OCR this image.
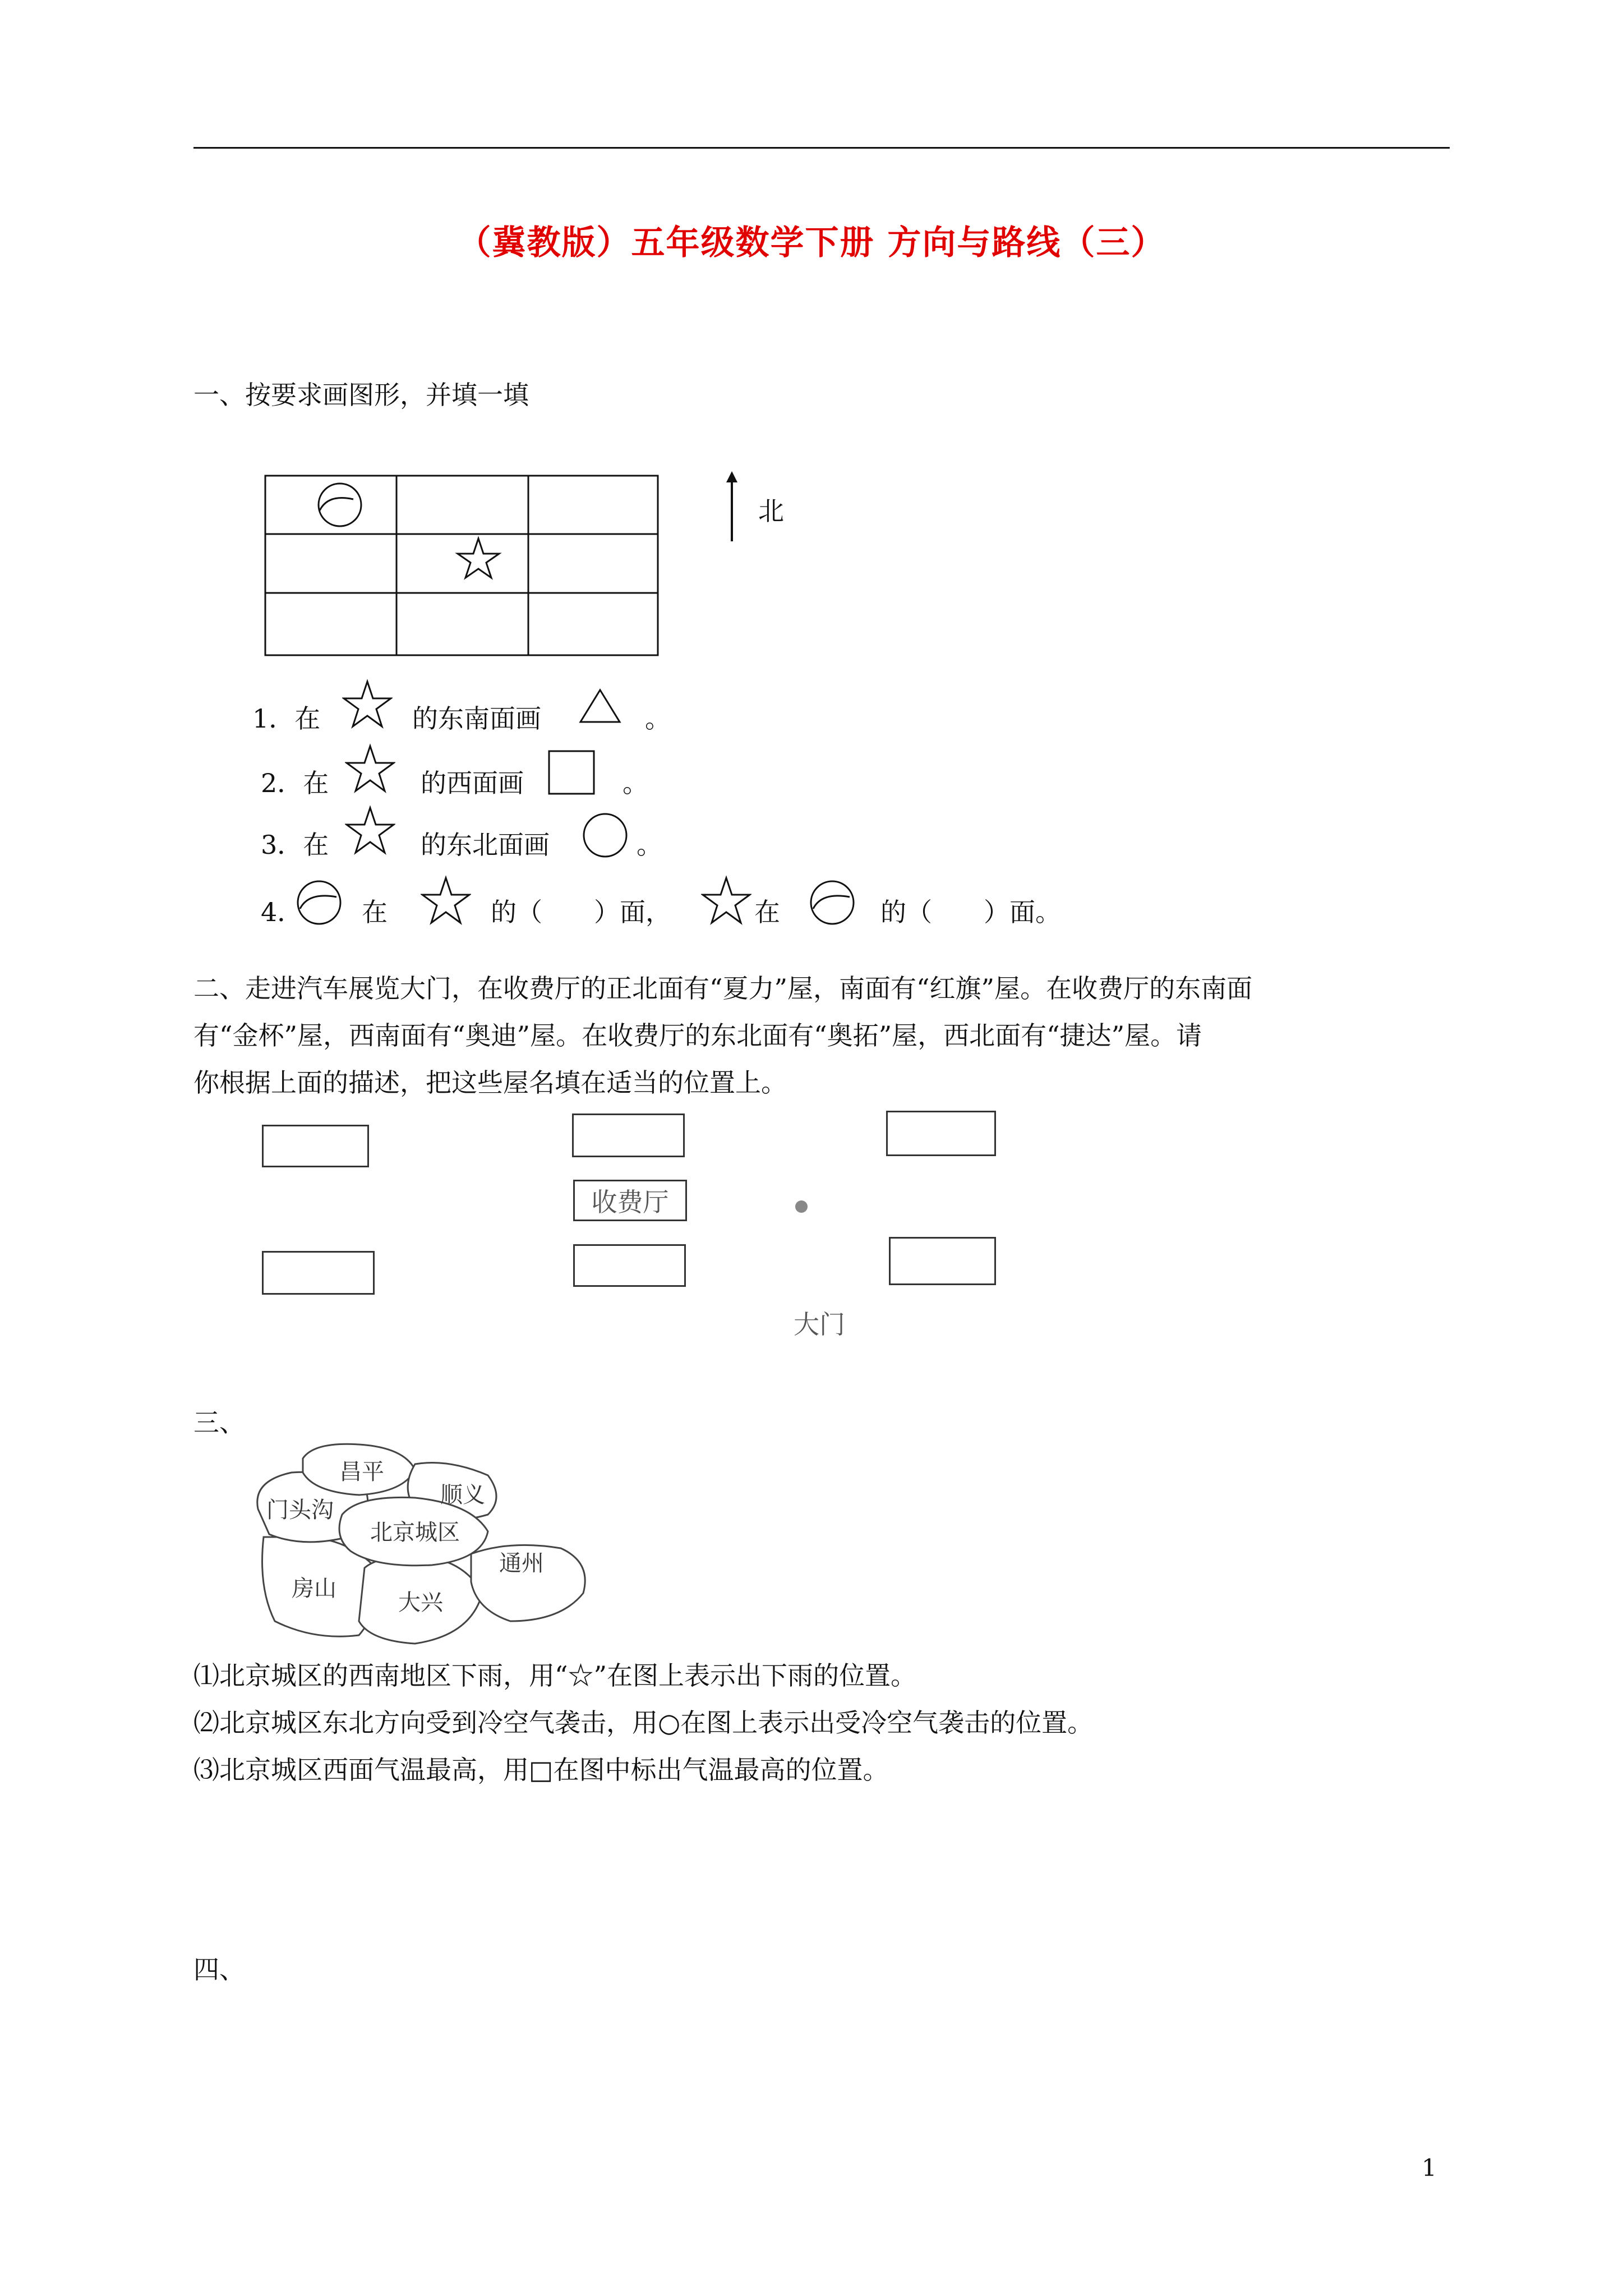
（冀教版）五年级数学下册 方向与路线（三）
一、按要求画图形，并填一填
北
1．在	的东南面画	。
2．在	的西面画	。
3．在	的东北面画	。
4． 在	的（　　）面，	在	的（　　）面。
二、走进汽车展览大门，在收费厅的正北面有“夏力”屋，南面有“红旗”屋。在收费厅的东南面
有“金杯”屋，西南面有“奥迪”屋。在收费厅的东北面有“奥拓”屋，西北面有“捷达”屋。请
你根据上面的描述，把这些屋名填在适当的位置上。
收费厅
大门
三、
昌平
顺义
门头沟
北京城区
通州
房山
大兴
⑴北京城区的西南地区下雨，用“☆”在图上表示出下雨的位置。
⑵北京城区东北方向受到冷空气袭击，用○在图上表示出受冷空气袭击的位置。
⑶北京城区西面气温最高，用□在图中标出气温最高的位置。
四、
1
